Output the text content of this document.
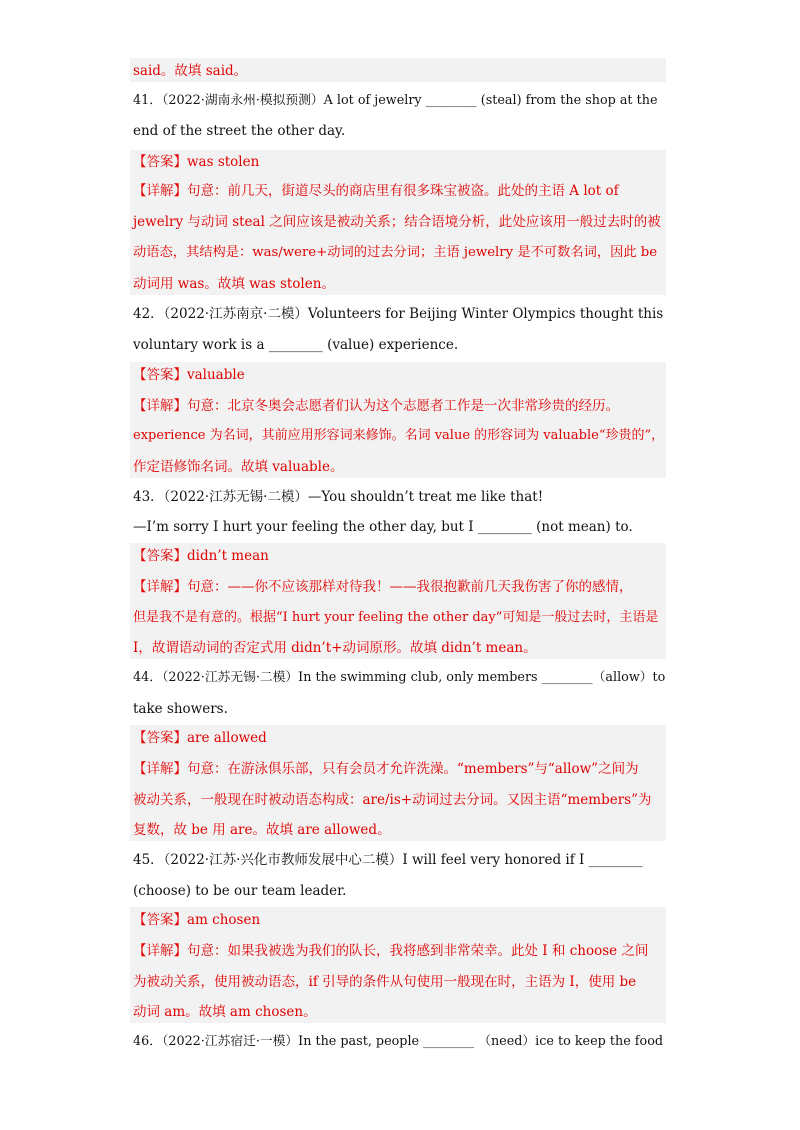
said。故填 said。
41．（2022·湖南永州·模拟预测）A lot of jewelry ________ (steal) from the shop at the
end of the street the other day.
【答案】was stolen
【详解】句意：前几天，街道尽头的商店里有很多珠宝被盗。此处的主语 A lot of
jewelry 与动词 steal 之间应该是被动关系；结合语境分析，此处应该用一般过去时的被
动语态，其结构是：was/were+动词的过去分词；主语 jewelry 是不可数名词，因此 be
动词用 was。故填 was stolen。
42．（2022·江苏南京·二模）Volunteers for Beijing Winter Olympics thought this
voluntary work is a ________ (value) experience.
【答案】valuable
【详解】句意：北京冬奥会志愿者们认为这个志愿者工作是一次非常珍贵的经历。
experience 为名词，其前应用形容词来修饰。名词 value 的形容词为 valuable“珍贵的”，
作定语修饰名词。故填 valuable。
43．（2022·江苏无锡·二模）—You shouldn’t treat me like that!
—I’m sorry I hurt your feeling the other day, but I ________ (not mean) to.
【答案】didn’t mean
【详解】句意：——你不应该那样对待我！——我很抱歉前几天我伤害了你的感情，
但是我不是有意的。根据“I hurt your feeling the other day”可知是一般过去时，主语是
I，故谓语动词的否定式用 didn’t+动词原形。故填 didn’t mean。
44．（2022·江苏无锡·二模）In the swimming club, only members ________（allow）to
take showers.
【答案】are allowed
【详解】句意：在游泳俱乐部，只有会员才允许洗澡。“members”与“allow”之间为
被动关系，一般现在时被动语态构成：are/is+动词过去分词。又因主语“members”为
复数，故 be 用 are。故填 are allowed。
45．（2022·江苏·兴化市教师发展中心二模）I will feel very honored if I ________
(choose) to be our team leader.
【答案】am chosen
【详解】句意：如果我被选为我们的队长，我将感到非常荣幸。此处 I 和 choose 之间
为被动关系，使用被动语态，if 引导的条件从句使用一般现在时，主语为 I，使用 be
动词 am。故填 am chosen。
46．（2022·江苏宿迁·一模）In the past, people ________ （need）ice to keep the food
